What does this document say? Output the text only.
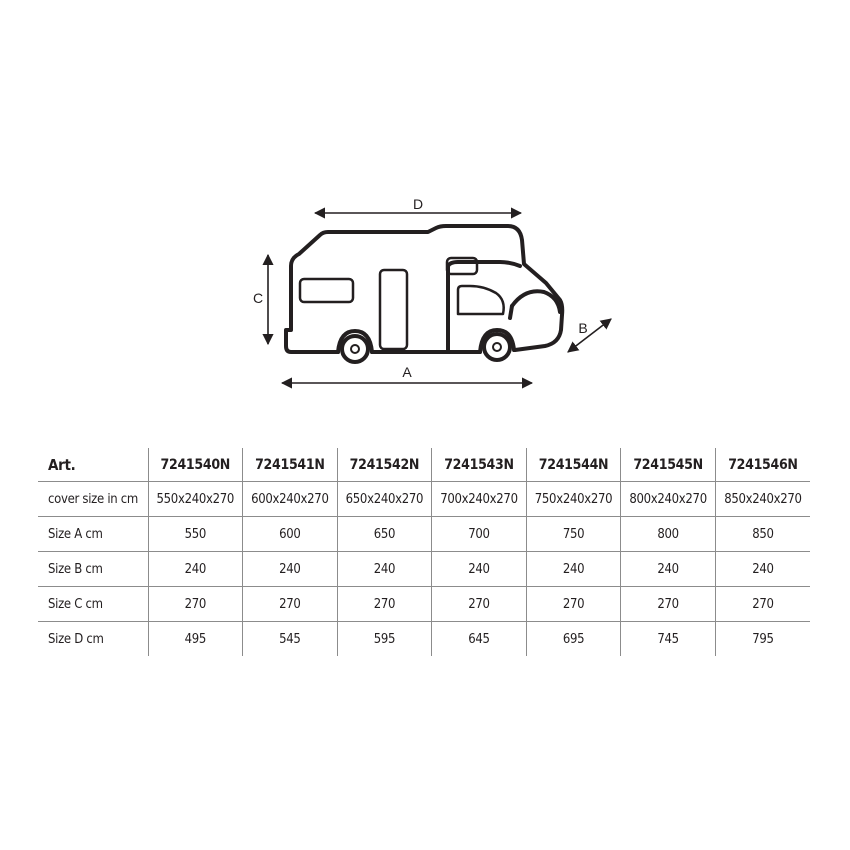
D
C
A
B
Art.	7241540N	7241541N	7241542N	7241543N	7241544N	7241545N	7241546N
cover size in cm	550x240x270	600x240x270	650x240x270	700x240x270	750x240x270	800x240x270	850x240x270
Size A cm	550	600	650	700	750	800	850
Size B cm	240	240	240	240	240	240	240
Size C cm	270	270	270	270	270	270	270
Size D cm	495	545	595	645	695	745	795
